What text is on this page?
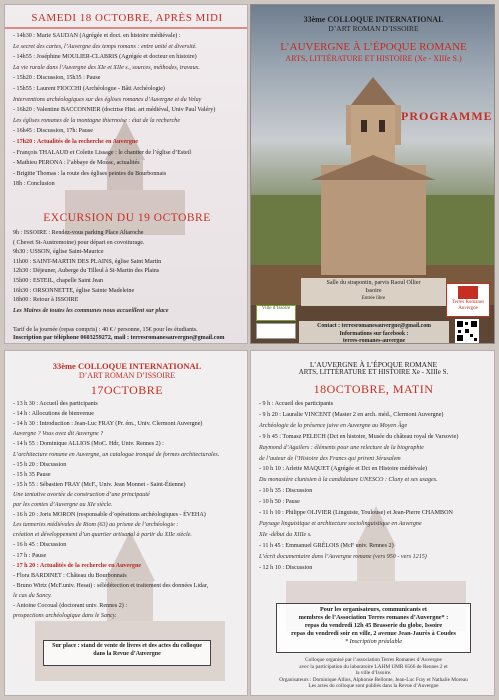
SAMEDI 18 OCTOBRE, APRÈS MIDI
- 14h30 : Marie SAUDAN (Agrégée et doct. en histoire médiévale) :
Le secret des cartes, l’Auvergne des temps romans : entre unité et diversité.
- 14h55 : Joséphine MOULIER-CLABRIS (Agrégée et docteur en histoire)
La vie rurale dans l’Auvergne des XIe et XIIe s., sources, méthodes, travaux.
- 15h20 : Discussion, 15h35 : Pause
- 15h55 : Laurent FIOCCHI (Archéologue - Bâti Archéologie)
Interventions archéologiques sur des églises romanes d’Auvergne et du Velay
- 16h20 : Valentine BACCONNIER (doctrise Hist. art médiéval, Univ Paul Valéry)
Les églises romanes de la montagne thiernoise : état de la recherche
- 16h45 : Discussion, 17h: Pause
- 17h20 : Actualités de la recherche en Auvergne
- François THALAUD et Colette Lissage : le chantier de l’église d’Esteil
- Mathieu PERONA : l’abbaye de Mozac, actualités
- Brigitte Thomas : la route des églises peintes du Bourbonnais
18h : Conclusion
EXCURSION DU 19 OCTOBRE
9h : ISSOIRE : Rendez-vous parking Place Altaroche
( Chevet St-Austremoine) pour départ en covoiturage.
9h30 : USSON, église Saint-Maurice
11h00 : SAINT-MARTIN DES PLAINS, église Saint Martin
12h30 : Déjeuner, Auberge du Tilleul à St-Martin des Plains
15h00 : ESTEIL, chapelle Saint Jean
16h30 : ORSONNETTE, église Sainte Madeleine
18h00 : Retour à ISSOIRE
Les Maires de toutes les communes nous accueillent sur place
Tarif de la journée (repas compris) : 40 € / personne, 15€ pour les étudiants.
Inscription par téléphone 0603259272, mail : terresromanesauvergne@gmail.com
33ème COLLOQUE INTERNATIONAL
D’ART ROMAN D’ISSOIRE
L’AUVERGNE À L’ÉPOQUE ROMANE
ARTS, LITTÉRATURE ET HISTOIRE (Xe - XIIIe S.)
PROGRAMME
Salle du strapontin, parvis Raoul Ollier
Issoire
Entrée libre
Terres Romanes
Auvergne
Ville d’Issoire
Contact : terresromanesauvergne@gmail.com
Informations sur facebook :
terres-romanes-auvergne
33ème COLLOQUE INTERNATIONAL
D’ART ROMAN D’ISSOIRE
17OCTOBRE
- 13 h 30 : Accueil des participants
- 14 h : Allocutions de bienvenue
- 14 h 30 : Introduction : Jean-Luc FRAY (Pr. ém., Univ. Clermont Auvergne)
Auvergne ? Vous avez dit Auvergne ?
- 14 h 55 : Dominique ALLIOS (MoC. Hdr, Univ. Rennes 2) :
L’architecture romane en Auvergne, un catalogue tronqué de formes architecturales.
- 15 h 20 : Discussion
- 15 h 35 Pause
- 15 h 55 : Sébastien FRAY (McF., Univ. Jean Monnet - Saint-Étienne)
Une tentative avortée de construction d’une principauté
par les comtes d’Auvergne au XIe siècle.
- 16 h 20 : Joris MORON (responsable d’opérations archéologiques - ÉVEHA)
Les tanneries médiévales de Riom (63) au prisme de l’archéologie :
création et développement d’un quartier artisanal à partir du XIIe siècle.
- 16 h 45 : Discussion
- 17 h : Pause
- 17 h 20 : Actualités de la recherche en Auvergne
- Flora BARDINET : Château du Bourbonnais
- Bruno Wirtz (McF.univ. Hesat) : sélédétection et traitement des données Lidar,
le cas du Sancy.
- Antoine Cocoual (doctorant univ. Rennes 2) :
prospections archéologique dans le Sancy.
Sur place : stand de vente de livres et des actes du colloque
dans la Revue d’Auvergne
L’AUVERGNE À L’ÉPOQUE ROMANE
ARTS, LITTÉRATURE ET HISTOIRE Xe - XIIIe S.
18OCTOBRE, MATIN
- 9 h : Accueil des participants
- 9 h 20 : Lauralie VINCENT (Master 2 en arch. méd., Clermont Auvergne)
Archéologie de la présence juive en Auvergne au Moyen Âge
- 9 h 45 : Tomasz PELECH (Dct en histoire, Musée du château royal de Varsovie)
Raymond d’Aguilers : éléments pour une relecture de la biographie
de l’auteur de l’Histoire des Francs qui prirent Jérusalem
- 10 h 10 : Arlette MAQUET (Agrégée et Dct en Histoire médiévale)
Du monastère clunisien à la candidature UNESCO : Cluny et ses usages.
- 10 h 35 : Discussion
- 10 h 50 : Pause
- 11 h 10 : Philippe OLIVIER (Linguiste, Toulouse) et Jean-Pierre CHAMBON
Paysage linguistique et architecture sociolinguistique en Auvergne
XIe -début du XIIIe s.
- 11 h 45 : Emmanuel GRÉLOIS (McF univ. Rennes 2)
L’écrit documentaire dans l’Auvergne romane (vers 950 - vers 1215)
- 12 h 10 : Discussion
Pour les organisateurs, communicants et
membres de l’Association Terres romanes d’Auvergne* :
repas du vendredi 12h 45 Brasserie du globe, Issoire
repas du vendredi soir en ville, 2 avenue Jean-Jaurès à Coudes
* Inscription préalable
Colloque organisé par l’association Terres Romanes d’Auvergne
avec la participation du laboratoire LAHM UMR 6566 de Rennes 2 et
la ville d’Issoire.
Organisateurs : Dominique Allios, Alphonse Bellonte, Jean-Luc Fray et Nathalie Moreau
Les actes du colloque sont publiés dans la Revue d’Auvergne
